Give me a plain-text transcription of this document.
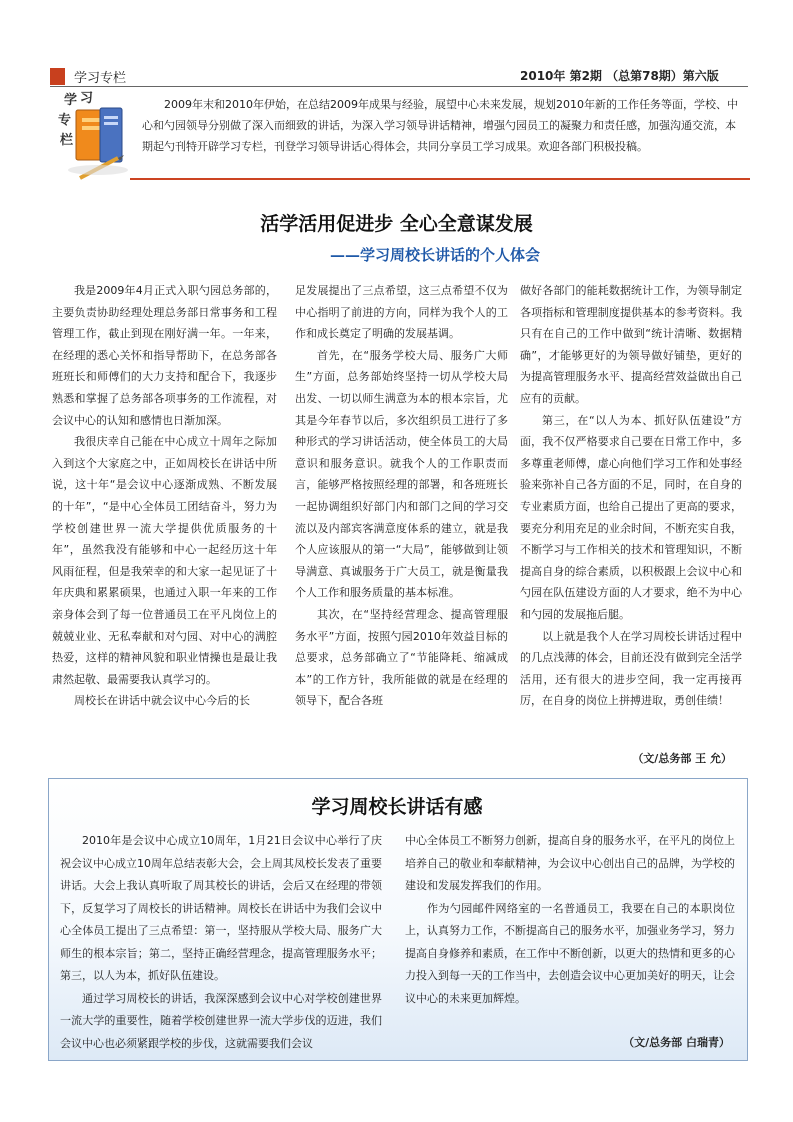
学习专栏	2010年 第2期 （总第78期）第六版
学 习
专
栏

2009年末和2010年伊始，在总结2009年成果与经验，展望中心未来发展，规划2010年新的工作任务等面，学校、中心和勺园领导分别做了深入而细致的讲话，为深入学习领导讲话精神，增强勺园员工的凝聚力和责任感，加强沟通交流，本期起勺刊特开辟学习专栏，刊登学习领导讲话心得体会，共同分享员工学习成果。欢迎各部门积极投稿。

活学活用促进步 全心全意谋发展
——学习周校长讲话的个人体会

我是2009年4月正式入职勺园总务部的，主要负责协助经理处理总务部日常事务和工程管理工作，截止到现在刚好满一年。一年来，在经理的悉心关怀和指导帮助下，在总务部各班班长和师傅们的大力支持和配合下，我逐步熟悉和掌握了总务部各项事务的工作流程，对会议中心的认知和感情也日渐加深。

我很庆幸自己能在中心成立十周年之际加入到这个大家庭之中，正如周校长在讲话中所说，这十年“是会议中心逐渐成熟、不断发展的十年”，“是中心全体员工团结奋斗，努力为学校创建世界一流大学提供优质服务的十年”，虽然我没有能够和中心一起经历这十年风雨征程，但是我荣幸的和大家一起见证了十年庆典和累累硕果，也通过入职一年来的工作亲身体会到了每一位普通员工在平凡岗位上的兢兢业业、无私奉献和对勺园、对中心的满腔热爱，这样的精神风貌和职业情操也是最让我肃然起敬、最需要我认真学习的。

周校长在讲话中就会议中心今后的长

足发展提出了三点希望，这三点希望不仅为中心指明了前进的方向，同样为我个人的工作和成长奠定了明确的发展基调。

首先，在“服务学校大局、服务广大师生”方面，总务部始终坚持一切从学校大局出发、一切以师生满意为本的根本宗旨，尤其是今年春节以后，多次组织员工进行了多种形式的学习讲话活动，使全体员工的大局意识和服务意识。就我个人的工作职责而言，能够严格按照经理的部署，和各班班长一起协调组织好部门内和部门之间的学习交流以及内部宾客满意度体系的建立，就是我个人应该服从的第一“大局”，能够做到让领导满意、真诚服务于广大员工，就是衡量我个人工作和服务质量的基本标准。

其次，在“坚持经营理念、提高管理服务水平”方面，按照勺园2010年效益目标的总要求，总务部确立了“节能降耗、缩减成本”的工作方针，我所能做的就是在经理的领导下，配合各班

做好各部门的能耗数据统计工作，为领导制定各项指标和管理制度提供基本的参考资料。我只有在自己的工作中做到“统计清晰、数据精确”，才能够更好的为领导做好铺垫，更好的为提高管理服务水平、提高经营效益做出自己应有的贡献。

第三，在“以人为本、抓好队伍建设”方面，我不仅严格要求自己要在日常工作中，多多尊重老师傅，虚心向他们学习工作和处事经验来弥补自己各方面的不足，同时，在自身的专业素质方面，也给自己提出了更高的要求，要充分利用充足的业余时间，不断充实自我，不断学习与工作相关的技术和管理知识，不断提高自身的综合素质，以积极跟上会议中心和勺园在队伍建设方面的人才要求，绝不为中心和勺园的发展拖后腿。

以上就是我个人在学习周校长讲话过程中的几点浅薄的体会，目前还没有做到完全活学活用，还有很大的进步空间，我一定再接再厉，在自身的岗位上拼搏进取，勇创佳绩！

（文/总务部 王 允）
学习周校长讲话有感

2010年是会议中心成立10周年，1月21日会议中心举行了庆祝会议中心成立10周年总结表彰大会，会上周其凤校长发表了重要讲话。大会上我认真听取了周其校长的讲话，会后又在经理的带领下，反复学习了周校长的讲话精神。周校长在讲话中为我们会议中心全体员工提出了三点希望：第一，坚持服从学校大局、服务广大师生的根本宗旨；第二，坚持正确经营理念，提高管理服务水平；第三，以人为本，抓好队伍建设。

通过学习周校长的讲话，我深深感到会议中心对学校创建世界一流大学的重要性，随着学校创建世界一流大学步伐的迈进，我们会议中心也必须紧跟学校的步伐，这就需要我们会议

中心全体员工不断努力创新，提高自身的服务水平，在平凡的岗位上培养自己的敬业和奉献精神，为会议中心创出自己的品牌，为学校的建设和发展发挥我们的作用。

作为勺园邮件网络室的一名普通员工，我要在自己的本职岗位上，认真努力工作，不断提高自己的服务水平，加强业务学习，努力提高自身修养和素质，在工作中不断创新，以更大的热情和更多的心力投入到每一天的工作当中，去创造会议中心更加美好的明天，让会议中心的未来更加辉煌。

（文/总务部 白瑞青）
